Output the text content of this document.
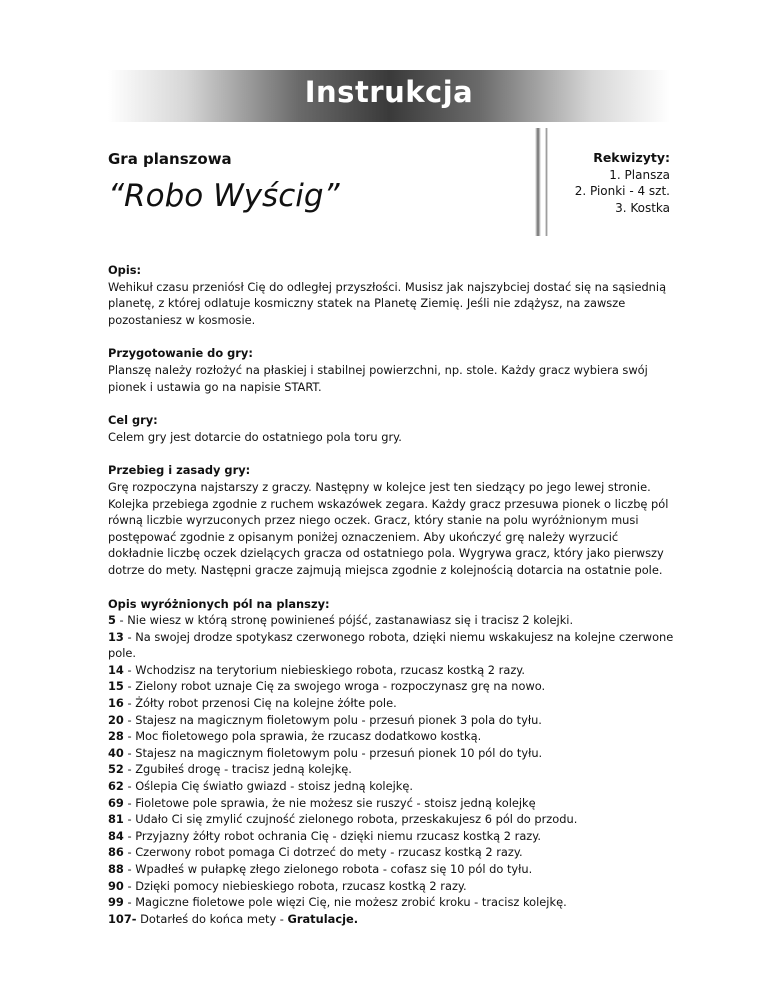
Instrukcja
Gra planszowa
“Robo Wyścig”
Rekwizyty:
1. Plansza
2. Pionki - 4 szt.
3. Kostka
Opis:
Wehikuł czasu przeniósł Cię do odległej przyszłości. Musisz jak najszybciej dostać się na sąsiednią planetę, z której odlatuje kosmiczny statek na Planetę Ziemię. Jeśli nie zdążysz, na zawsze pozostaniesz w kosmosie.
Przygotowanie do gry:
Planszę należy rozłożyć na płaskiej i stabilnej powierzchni, np. stole. Każdy gracz wybiera swój pionek i ustawia go na napisie START.
Cel gry:
Celem gry jest dotarcie do ostatniego pola toru gry.
Przebieg i zasady gry:
Grę rozpoczyna najstarszy z graczy. Następny w kolejce jest ten siedzący po jego lewej stronie. Kolejka przebiega zgodnie z ruchem wskazówek zegara. Każdy gracz przesuwa pionek o liczbę pól równą liczbie wyrzuconych przez niego oczek. Gracz, który stanie na polu wyróżnionym musi postępować zgodnie z opisanym poniżej oznaczeniem. Aby ukończyć grę należy wyrzucić dokładnie liczbę oczek dzielących gracza od ostatniego pola. Wygrywa gracz, który jako pierwszy dotrze do mety. Następni gracze zajmują miejsca zgodnie z kolejnością dotarcia na ostatnie pole.
Opis wyróżnionych pól na planszy:
5 - Nie wiesz w którą stronę powinieneś pójść, zastanawiasz się i tracisz 2 kolejki.
13 - Na swojej drodze spotykasz czerwonego robota, dzięki niemu wskakujesz na kolejne czerwone pole.
14 - Wchodzisz na terytorium niebieskiego robota, rzucasz kostką 2 razy.
15 - Zielony robot uznaje Cię za swojego wroga - rozpoczynasz grę na nowo.
16 - Żółty robot przenosi Cię na kolejne żółte pole.
20 - Stajesz na magicznym fioletowym polu - przesuń pionek 3 pola do tyłu.
28 - Moc fioletowego pola sprawia, że rzucasz dodatkowo kostką.
40 - Stajesz na magicznym fioletowym polu - przesuń pionek 10 pól do tyłu.
52 - Zgubiłeś drogę - tracisz jedną kolejkę.
62 - Oślepia Cię światło gwiazd - stoisz jedną kolejkę.
69 - Fioletowe pole sprawia, że nie możesz sie ruszyć - stoisz jedną kolejkę
81 - Udało Ci się zmylić czujność zielonego robota, przeskakujesz 6 pól do przodu.
84 - Przyjazny żółty robot ochrania Cię - dzięki niemu rzucasz kostką 2 razy.
86 - Czerwony robot pomaga Ci dotrzeć do mety - rzucasz kostką 2 razy.
88 - Wpadłeś w pułapkę złego zielonego robota - cofasz się 10 pól do tyłu.
90 - Dzięki pomocy niebieskiego robota, rzucasz kostką 2 razy.
99 - Magiczne fioletowe pole więzi Cię, nie możesz zrobić kroku - tracisz kolejkę.
107- Dotarłeś do końca mety - Gratulacje.
